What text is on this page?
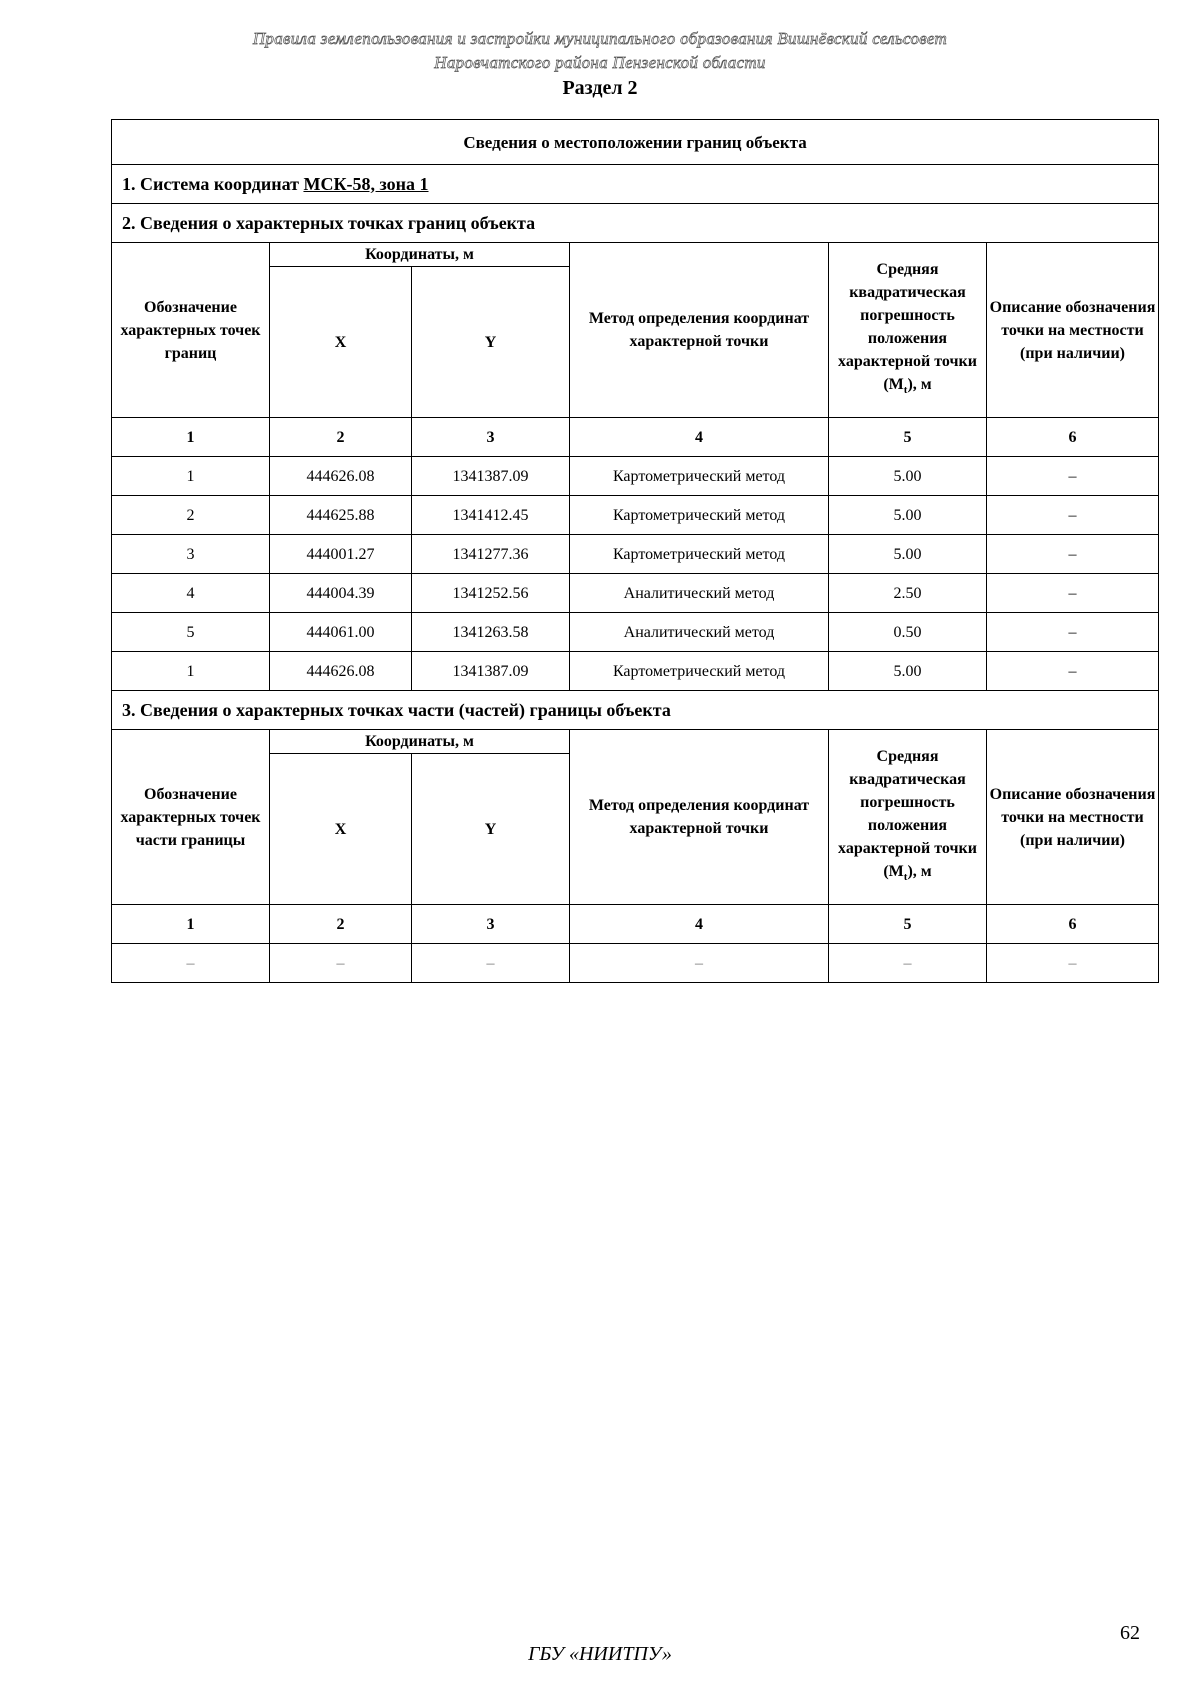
Правила землепользования и застройки муниципального образования Вишнёвский сельсовет
Наровчатского района Пензенской области
Раздел 2
Сведения о местоположении границ объекта					
1. Система координат МСК-58, зона 1					
2. Сведения о характерных точках границ объекта					
Обозначение характерных точек границ	Координаты, м		Метод определения координат характерной точки	Средняя квадратическая погрешность положения характерной точки $(M_t)$, м	Описание обозначения точки на местности (при наличии)
	X	Y			
1	2	3	4	5	6
1	444626.08	1341387.09	Картометрический метод	5.00	–
2	444625.88	1341412.45	Картометрический метод	5.00	–
3	444001.27	1341277.36	Картометрический метод	5.00	–
4	444004.39	1341252.56	Аналитический метод	2.50	–
5	444061.00	1341263.58	Аналитический метод	0.50	–
1	444626.08	1341387.09	Картометрический метод	5.00	–
3. Сведения о характерных точках части (частей) границы объекта					
Обозначение характерных точек части границы	Координаты, м		Метод определения координат характерной точки	Средняя квадратическая погрешность положения характерной точки $(M_t)$, м	Описание обозначения точки на местности (при наличии)
	X	Y			
1	2	3	4	5	6
–	–	–	–	–	–
62
ГБУ «НИИТПУ»
